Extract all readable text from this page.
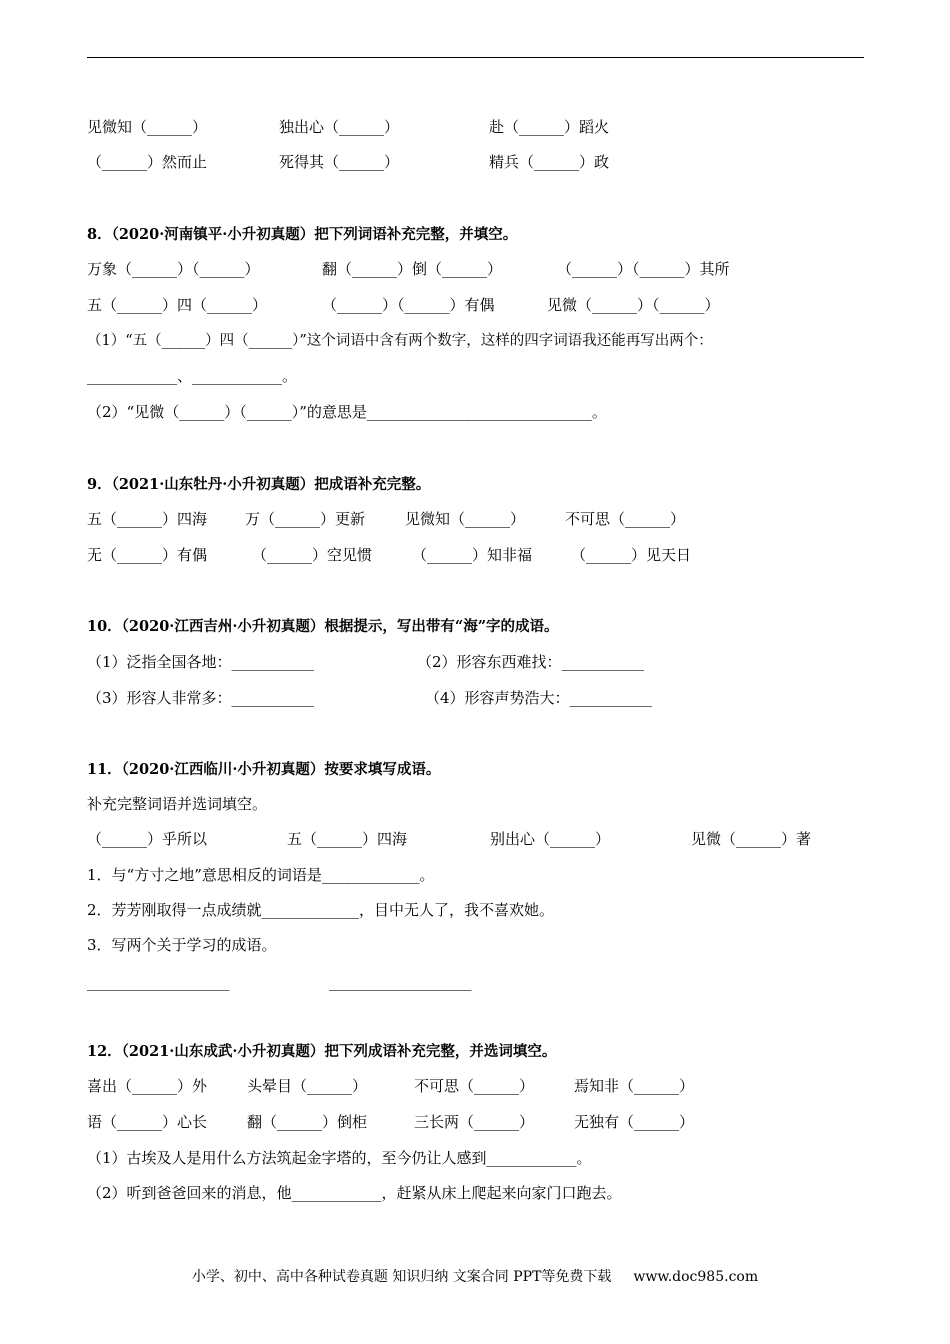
见微知（______）	独出心（______）	赴（______）蹈火
（______）然而止	死得其（______）	精兵（______）政
8．（2020·河南镇平·小升初真题）把下列词语补充完整，并填空。
万象（______）（______）	翻（______）倒（______）	（______）（______）其所
五（______）四（______）	（______）（______）有偶	见微（______）（______）
（1）“五（______）四（______）”这个词语中含有两个数字，这样的四字词语我还能再写出两个：
____________、____________。
（2）“见微（______）（______）”的意思是______________________________。
9．（2021·山东牡丹·小升初真题）把成语补充完整。
五（______）四海	万（______）更新	见微知（______）	不可思（______）
无（______）有偶	（______）空见惯	（______）知非福	（______）见天日
10．（2020·江西吉州·小升初真题）根据提示，写出带有“海”字的成语。
（1）泛指全国各地：___________	（2）形容东西难找：___________
（3）形容人非常多：___________	（4）形容声势浩大：___________
11．（2020·江西临川·小升初真题）按要求填写成语。
补充完整词语并选词填空。
（______）乎所以	五（______）四海	别出心（______）	见微（______）著
1．与“方寸之地”意思相反的词语是_____________。
2．芳芳刚取得一点成绩就_____________，目中无人了，我不喜欢她。
3．写两个关于学习的成语。
___________________	___________________
12．（2021·山东成武·小升初真题）把下列成语补充完整，并选词填空。
喜出（______）外	头晕目（______）	不可思（______）	焉知非（______）
语（______）心长	翻（______）倒柜	三长两（______）	无独有（______）
（1）古埃及人是用什么方法筑起金字塔的，至今仍让人感到____________。
（2）听到爸爸回来的消息，他____________，赶紧从床上爬起来向家门口跑去。
小学、初中、高中各种试卷真题 知识归纳 文案合同 PPT等免费下载 www.doc985.com
